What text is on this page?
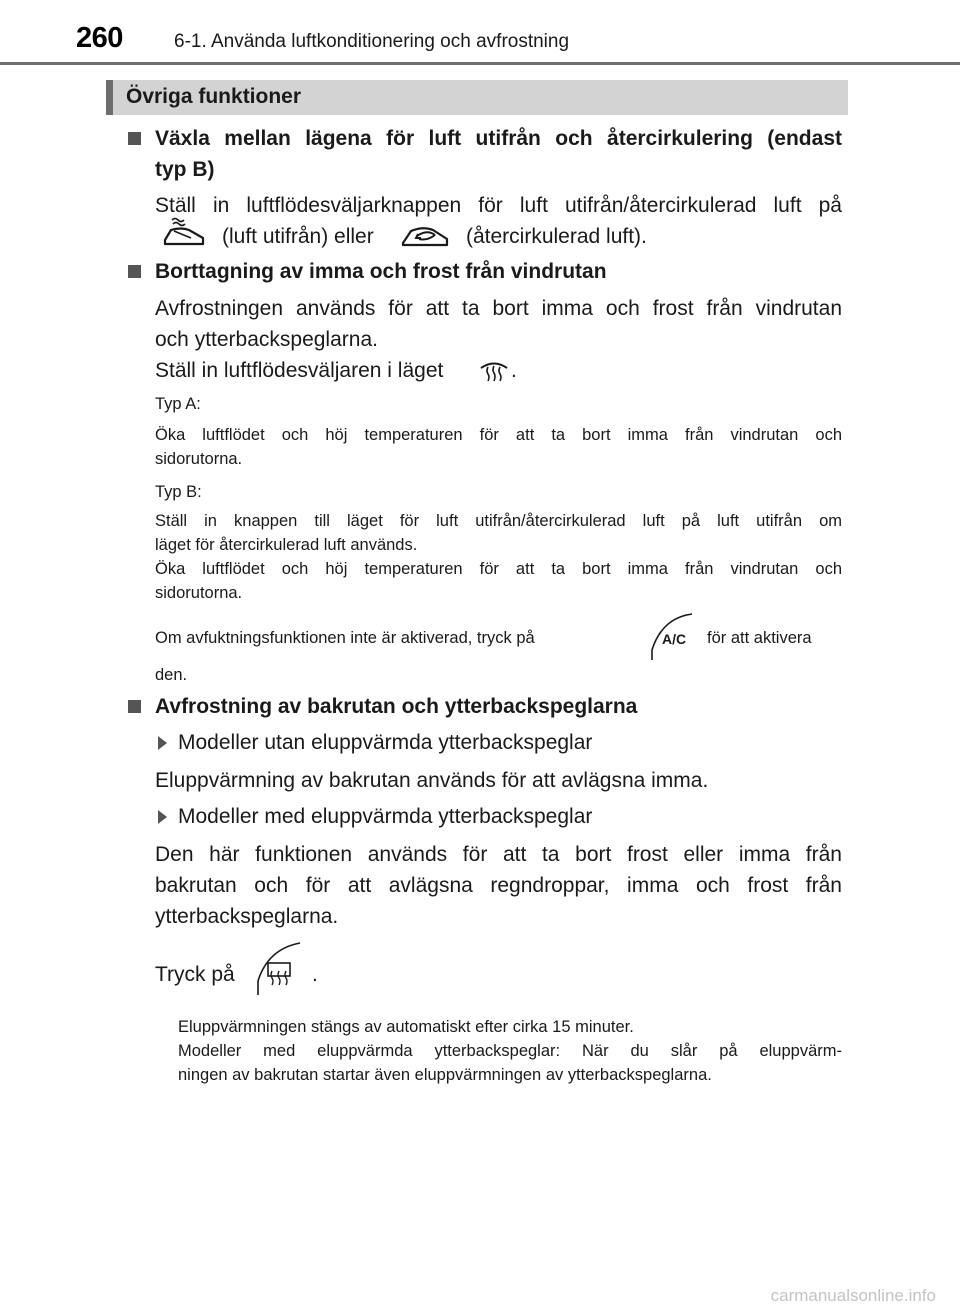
260	6-1. Använda luftkonditionering och avfrostning
Övriga funktioner
Växla mellan lägena för luft utifrån och återcirkulering (endast
typ B)
Ställ in luftflödesväljarknappen för luft utifrån/återcirkulerad luft på
(luft utifrån) eller	(återcirkulerad luft).
Borttagning av imma och frost från vindrutan
Avfrostningen används för att ta bort imma och frost från vindrutan
och ytterbackspeglarna.
Ställ in luftflödesväljaren i läget	.
Typ A:
Öka luftflödet och höj temperaturen för att ta bort imma från vindrutan och
sidorutorna.
Typ B:
Ställ in knappen till läget för luft utifrån/återcirkulerad luft på luft utifrån om
läget för återcirkulerad luft används.
Öka luftflödet och höj temperaturen för att ta bort imma från vindrutan och
sidorutorna.
Om avfuktningsfunktionen inte är aktiverad, tryck på	A/C för att aktivera
den.
Avfrostning av bakrutan och ytterbackspeglarna
Modeller utan eluppvärmda ytterbackspeglar
Eluppvärmning av bakrutan används för att avlägsna imma.
Modeller med eluppvärmda ytterbackspeglar
Den här funktionen används för att ta bort frost eller imma från
bakrutan och för att avlägsna regndroppar, imma och frost från
ytterbackspeglarna.
Tryck på	.
Eluppvärmningen stängs av automatiskt efter cirka 15 minuter.
Modeller med eluppvärmda ytterbackspeglar: När du slår på eluppvärm-
ningen av bakrutan startar även eluppvärmningen av ytterbackspeglarna.
carmanualsonline.info
